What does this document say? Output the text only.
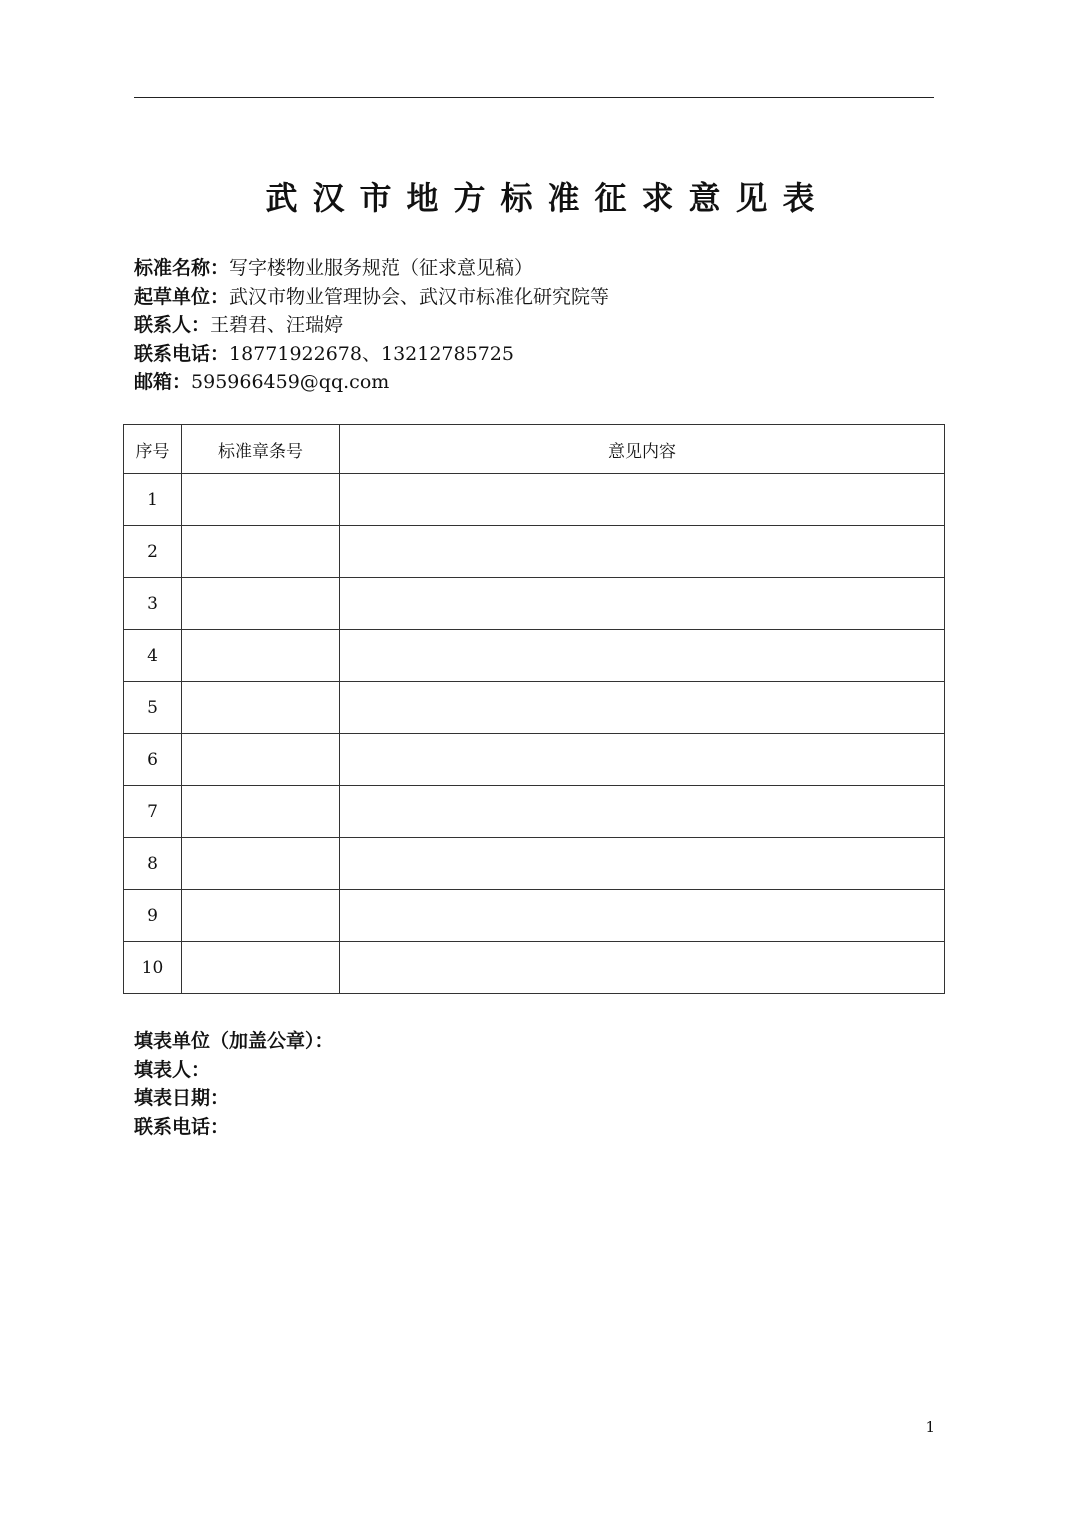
武汉市地方标准征求意见表
标准名称：写字楼物业服务规范（征求意见稿）
起草单位：武汉市物业管理协会、武汉市标准化研究院等
联系人：王碧君、汪瑞婷
联系电话：18771922678、13212785725
邮箱：595966459@qq.com
序号	标准章条号	意见内容
1		
2		
3		
4		
5		
6		
7		
8		
9		
10		
填表单位（加盖公章）：
填表人：
填表日期：
联系电话：
1
